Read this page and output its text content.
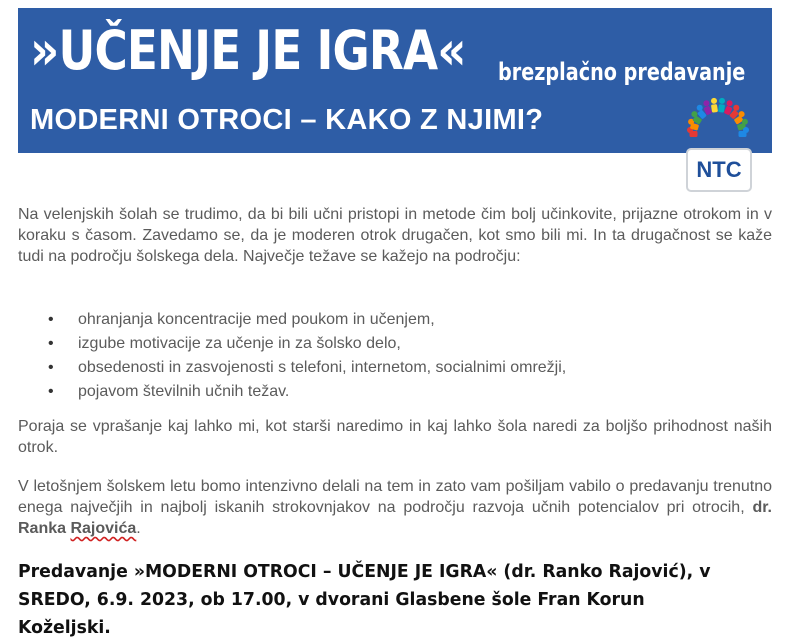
»UČENJE JE IGRA« brezplačno predavanje
MODERNI OTROCI – KAKO Z NJIMI?
NTC

Na velenjskih šolah se trudimo, da bi bili učni pristopi in metode čim bolj učinkovite, prijazne otrokom in v koraku s časom. Zavedamo se, da je moderen otrok drugačen, kot smo bili mi. In ta drugačnost se kaže tudi na področju šolskega dela. Največje težave se kažejo na področju:

• ohranjanja koncentracije med poukom in učenjem,
• izgube motivacije za učenje in za šolsko delo,
• obsedenosti in zasvojenosti s telefoni, internetom, socialnimi omrežji,
• pojavom številnih učnih težav.

Poraja se vprašanje kaj lahko mi, kot starši naredimo in kaj lahko šola naredi za boljšo prihodnost naših otrok.

V letošnjem šolskem letu bomo intenzivno delali na tem in zato vam pošiljam vabilo o predavanju trenutno enega največjih in najbolj iskanih strokovnjakov na področju razvoja učnih potencialov pri otrocih, dr. Ranka Rajovića.

Predavanje »MODERNI OTROCI – UČENJE JE IGRA« (dr. Ranko Rajović), v SREDO, 6.9. 2023, ob 17.00, v dvorani Glasbene šole Fran Korun Koželjski.
